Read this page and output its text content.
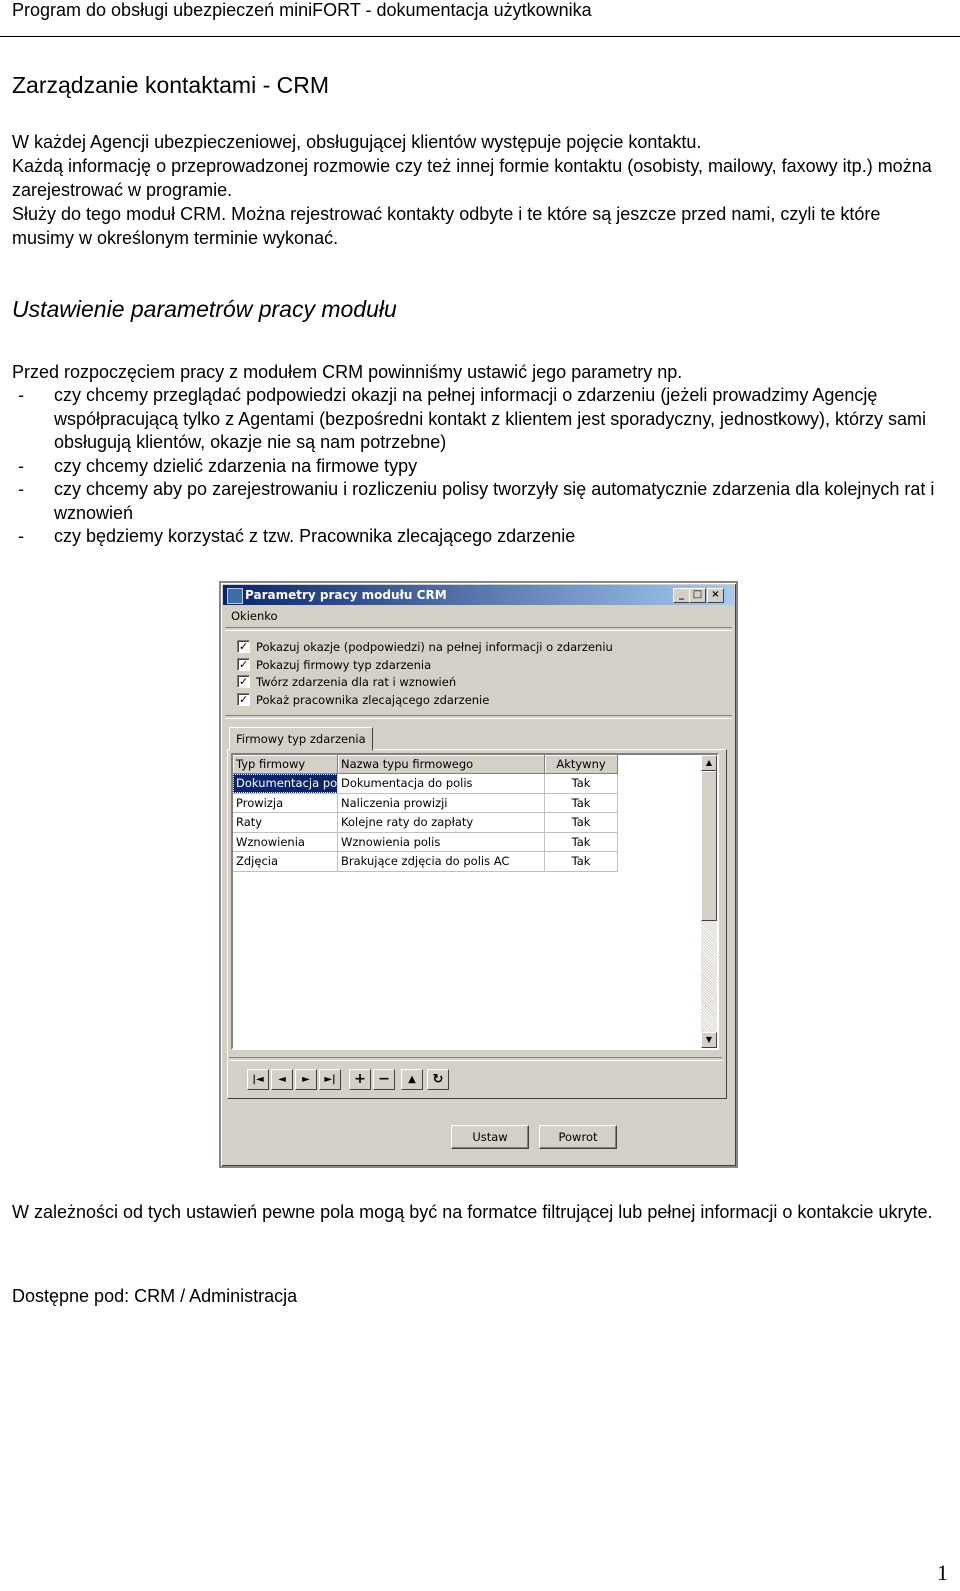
Program do obsługi ubezpieczeń miniFORT - dokumentacja użytkownika
Zarządzanie kontaktami - CRM
W każdej Agencji ubezpieczeniowej, obsługującej klientów występuje pojęcie kontaktu.
Każdą informację o przeprowadzonej rozmowie czy też innej formie kontaktu (osobisty, mailowy, faxowy itp.) można zarejestrować w programie.
Służy do tego moduł CRM. Można rejestrować kontakty odbyte i te które są jeszcze przed nami, czyli te które musimy w określonym terminie wykonać.
Ustawienie parametrów pracy modułu
Przed rozpoczęciem pracy z modułem CRM powinniśmy ustawić jego parametry np.
- czy chcemy przeglądać podpowiedzi okazji na pełnej informacji o zdarzeniu (jeżeli prowadzimy Agencję współpracującą tylko z Agentami (bezpośredni kontakt z klientem jest sporadyczny, jednostkowy), którzy sami obsługują klientów, okazje nie są nam potrzebne)
- czy chcemy dzielić zdarzenia na firmowe typy
- czy chcemy aby po zarejestrowaniu i rozliczeniu polisy tworzyły się automatycznie zdarzenia dla kolejnych rat i wznowień
- czy będziemy korzystać z tzw. Pracownika zlecającego zdarzenie
Parametry pracy modułu CRM	_ □ ×
Okienko
✓Pokazuj okazje (podpowiedzi) na pełnej informacji o zdarzeniu
✓Pokazuj firmowy typ zdarzenia
✓Twórz zdarzenia dla rat i wznowień
✓Pokaż pracownika zlecającego zdarzenie
Firmowy typ zdarzenia
Typ firmowy	Nazwa typu firmowego	Aktywny
Dokumentacja polis	Dokumentacja do polis	Tak
Prowizja	Naliczenia prowizji	Tak
Raty	Kolejne raty do zapłaty	Tak
Wznowienia	Wznowienia polis	Tak
Zdjęcia	Brakujące zdjęcia do polis AC	Tak
▲
▼
|◄	◄	►	►|	+ −	▲	↻
Ustaw	Powrot
W zależności od tych ustawień pewne pola mogą być na formatce filtrującej lub pełnej informacji o kontakcie ukryte.
Dostępne pod: CRM / Administracja
1
